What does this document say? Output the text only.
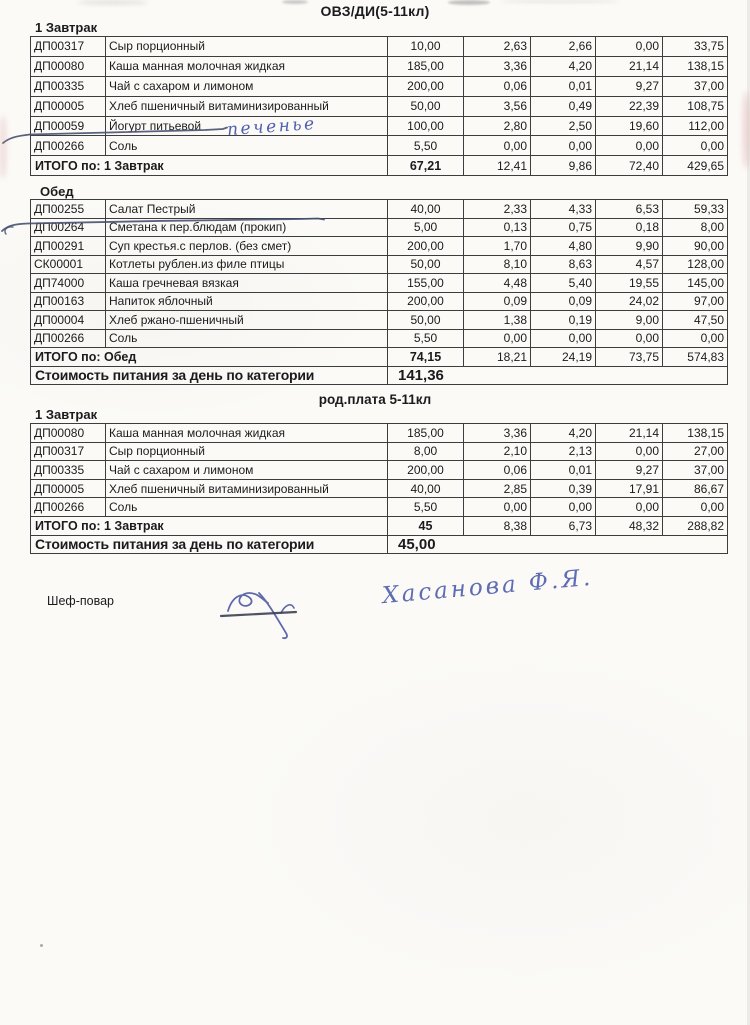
ОВЗ/ДИ(5-11кл)
1 Завтрак
ДП00317	Сыр порционный	10,00	2,63	2,66	0,00	33,75
ДП00080	Каша манная молочная жидкая	185,00	3,36	4,20	21,14	138,15
ДП00335	Чай с сахаром и лимоном	200,00	0,06	0,01	9,27	37,00
ДП00005	Хлеб пшеничный витаминизированный	50,00	3,56	0,49	22,39	108,75
ДП00059	Йогурт питьевой	100,00	2,80	2,50	19,60	112,00
ДП00266	Соль	5,50	0,00	0,00	0,00	0,00
ИТОГО по: 1 Завтрак		67,21	12,41	9,86	72,40	429,65
Обед
ДП00255	Салат Пестрый	40,00	2,33	4,33	6,53	59,33
ДП00264	Сметана к пер.блюдам (прокип)	5,00	0,13	0,75	0,18	8,00
ДП00291	Суп крестья.с перлов. (без смет)	200,00	1,70	4,80	9,90	90,00
СК00001	Котлеты рублен.из филе птицы	50,00	8,10	8,63	4,57	128,00
ДП74000	Каша гречневая вязкая	155,00	4,48	5,40	19,55	145,00
ДП00163	Напиток яблочный	200,00	0,09	0,09	24,02	97,00
ДП00004	Хлеб ржано-пшеничный	50,00	1,38	0,19	9,00	47,50
ДП00266	Соль	5,50	0,00	0,00	0,00	0,00
ИТОГО по: Обед		74,15	18,21	24,19	73,75	574,83
Стоимость питания за день по категории		141,36				
род.плата 5-11кл
1 Завтрак
ДП00080	Каша манная молочная жидкая	185,00	3,36	4,20	21,14	138,15
ДП00317	Сыр порционный	8,00	2,10	2,13	0,00	27,00
ДП00335	Чай с сахаром и лимоном	200,00	0,06	0,01	9,27	37,00
ДП00005	Хлеб пшеничный витаминизированный	40,00	2,85	0,39	17,91	86,67
ДП00266	Соль	5,50	0,00	0,00	0,00	0,00
ИТОГО по: 1 Завтрак		45	8,38	6,73	48,32	288,82
Стоимость питания за день по категории		45,00				
Шеф-повар
печенье
Хасанова Ф.Я.
